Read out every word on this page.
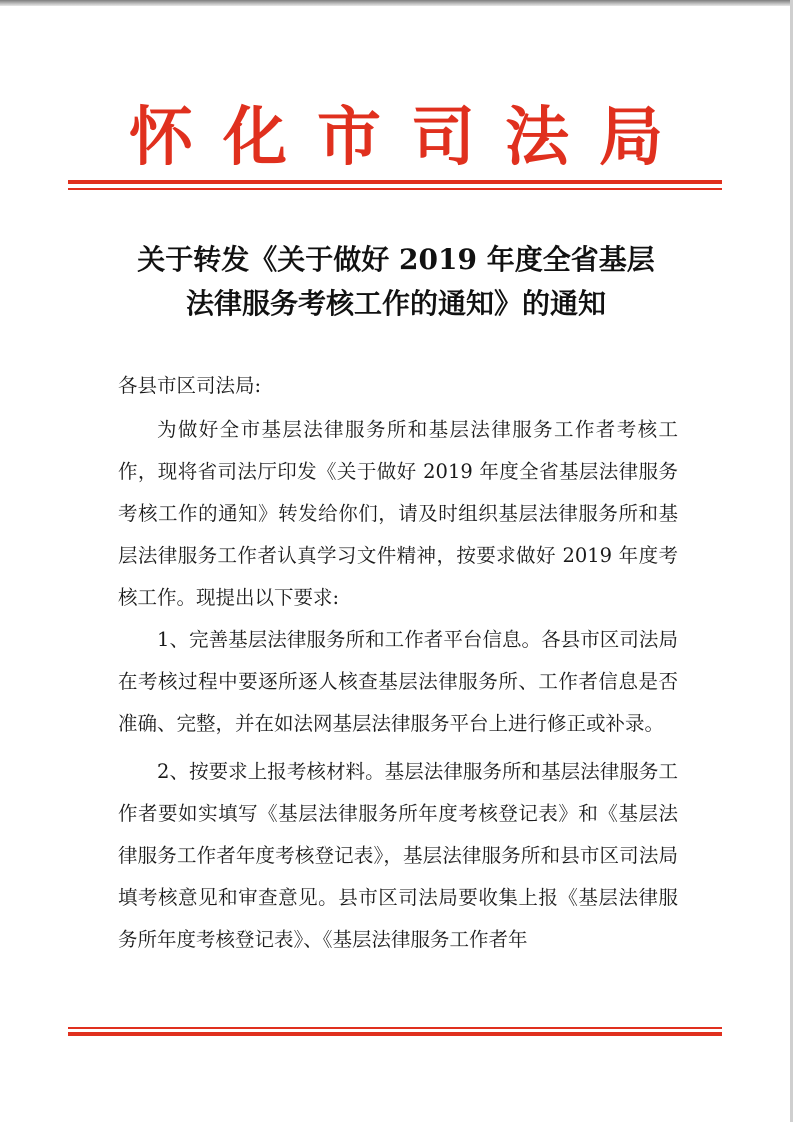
怀化市司法局
关于转发《关于做好 2019 年度全省基层
法律服务考核工作的通知》的通知

各县市区司法局:

为做好全市基层法律服务所和基层法律服务工作者考核工作，现将省司法厅印发《关于做好 2019 年度全省基层法律服务考核工作的通知》转发给你们，请及时组织基层法律服务所和基层法律服务工作者认真学习文件精神，按要求做好 2019 年度考核工作。现提出以下要求:

1、完善基层法律服务所和工作者平台信息。各县市区司法局在考核过程中要逐所逐人核查基层法律服务所、工作者信息是否准确、完整，并在如法网基层法律服务平台上进行修正或补录。

2、按要求上报考核材料。基层法律服务所和基层法律服务工作者要如实填写《基层法律服务所年度考核登记表》和《基层法律服务工作者年度考核登记表》，基层法律服务所和县市区司法局填考核意见和审查意见。县市区司法局要收集上报《基层法律服务所年度考核登记表》、《基层法律服务工作者年
